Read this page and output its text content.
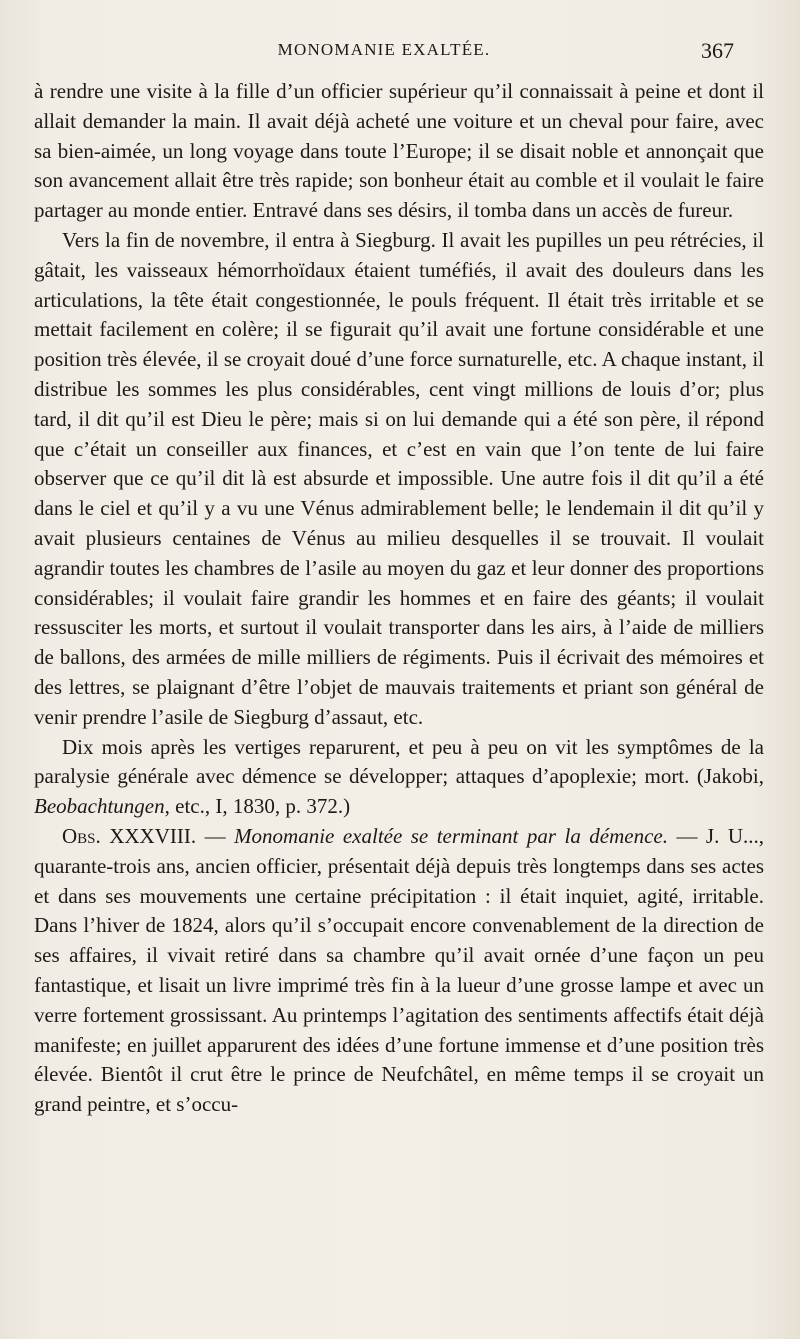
MONOMANIE EXALTÉE.	367

à rendre une visite à la fille d’un officier supérieur qu’il connaissait à peine et dont il allait demander la main. Il avait déjà acheté une voiture et un cheval pour faire, avec sa bien-aimée, un long voyage dans toute l’Europe; il se disait noble et annonçait que son avancement allait être très rapide; son bonheur était au comble et il voulait le faire partager au monde entier. Entravé dans ses désirs, il tomba dans un accès de fureur.

Vers la fin de novembre, il entra à Siegburg. Il avait les pupilles un peu rétrécies, il gâtait, les vaisseaux hémorrhoïdaux étaient tuméfiés, il avait des douleurs dans les articulations, la tête était congestionnée, le pouls fréquent. Il était très irritable et se mettait facilement en colère; il se figurait qu’il avait une fortune considérable et une position très élevée, il se croyait doué d’une force surnaturelle, etc. A chaque instant, il distribue les sommes les plus considérables, cent vingt millions de louis d’or; plus tard, il dit qu’il est Dieu le père; mais si on lui demande qui a été son père, il répond que c’était un conseiller aux finances, et c’est en vain que l’on tente de lui faire observer que ce qu’il dit là est absurde et impossible. Une autre fois il dit qu’il a été dans le ciel et qu’il y a vu une Vénus admirablement belle; le lendemain il dit qu’il y avait plusieurs centaines de Vénus au milieu desquelles il se trouvait. Il voulait agrandir toutes les chambres de l’asile au moyen du gaz et leur donner des proportions considérables; il voulait faire grandir les hommes et en faire des géants; il voulait ressusciter les morts, et surtout il voulait transporter dans les airs, à l’aide de milliers de ballons, des armées de mille milliers de régiments. Puis il écrivait des mémoires et des lettres, se plaignant d’être l’objet de mauvais traitements et priant son général de venir prendre l’asile de Siegburg d’assaut, etc.

Dix mois après les vertiges reparurent, et peu à peu on vit les symptômes de la paralysie générale avec démence se développer; attaques d’apoplexie; mort. (Jakobi, Beobachtungen, etc., I, 1830, p. 372.)

Obs. XXXVIII. — Monomanie exaltée se terminant par la démence. — J. U..., quarante-trois ans, ancien officier, présentait déjà depuis très longtemps dans ses actes et dans ses mouvements une certaine précipitation : il était inquiet, agité, irritable. Dans l’hiver de 1824, alors qu’il s’occupait encore convenablement de la direction de ses affaires, il vivait retiré dans sa chambre qu’il avait ornée d’une façon un peu fantastique, et lisait un livre imprimé très fin à la lueur d’une grosse lampe et avec un verre fortement grossissant. Au printemps l’agitation des sentiments affectifs était déjà manifeste; en juillet apparurent des idées d’une fortune immense et d’une position très élevée. Bientôt il crut être le prince de Neufchâtel, en même temps il se croyait un grand peintre, et s’occu-
